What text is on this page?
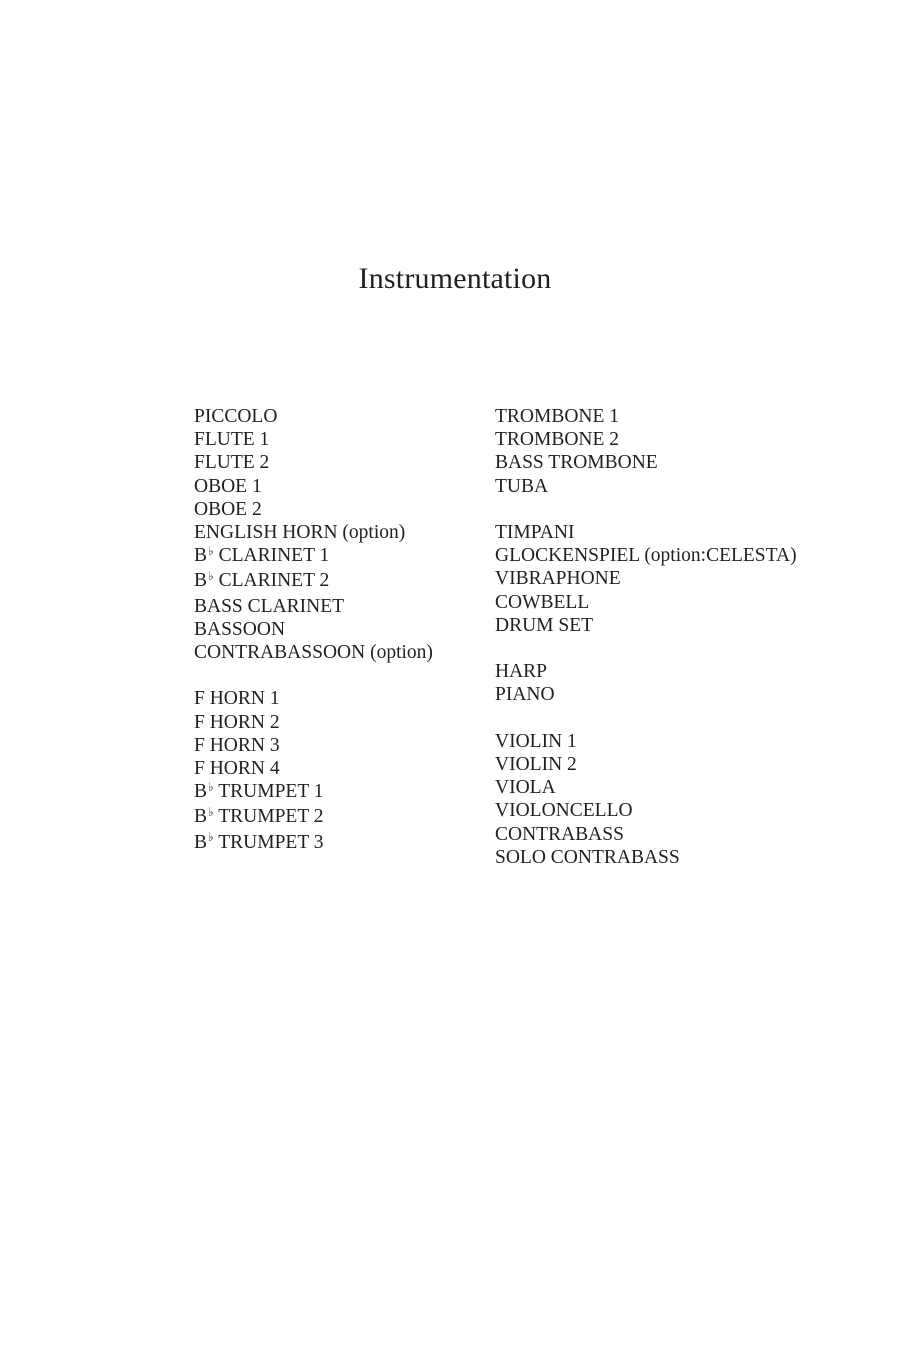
Instrumentation
PICCOLO
FLUTE 1
FLUTE 2
OBOE 1
OBOE 2
ENGLISH HORN (option)
B♭ CLARINET 1
B♭ CLARINET 2
BASS CLARINET
BASSOON
CONTRABASSOON (option)
F HORN 1
F HORN 2
F HORN 3
F HORN 4
B♭ TRUMPET 1
B♭ TRUMPET 2
B♭ TRUMPET 3
TROMBONE 1
TROMBONE 2
BASS TROMBONE
TUBA
TIMPANI
GLOCKENSPIEL (option:CELESTA)
VIBRAPHONE
COWBELL
DRUM SET
HARP
PIANO
VIOLIN 1
VIOLIN 2
VIOLA
VIOLONCELLO
CONTRABASS
SOLO CONTRABASS
